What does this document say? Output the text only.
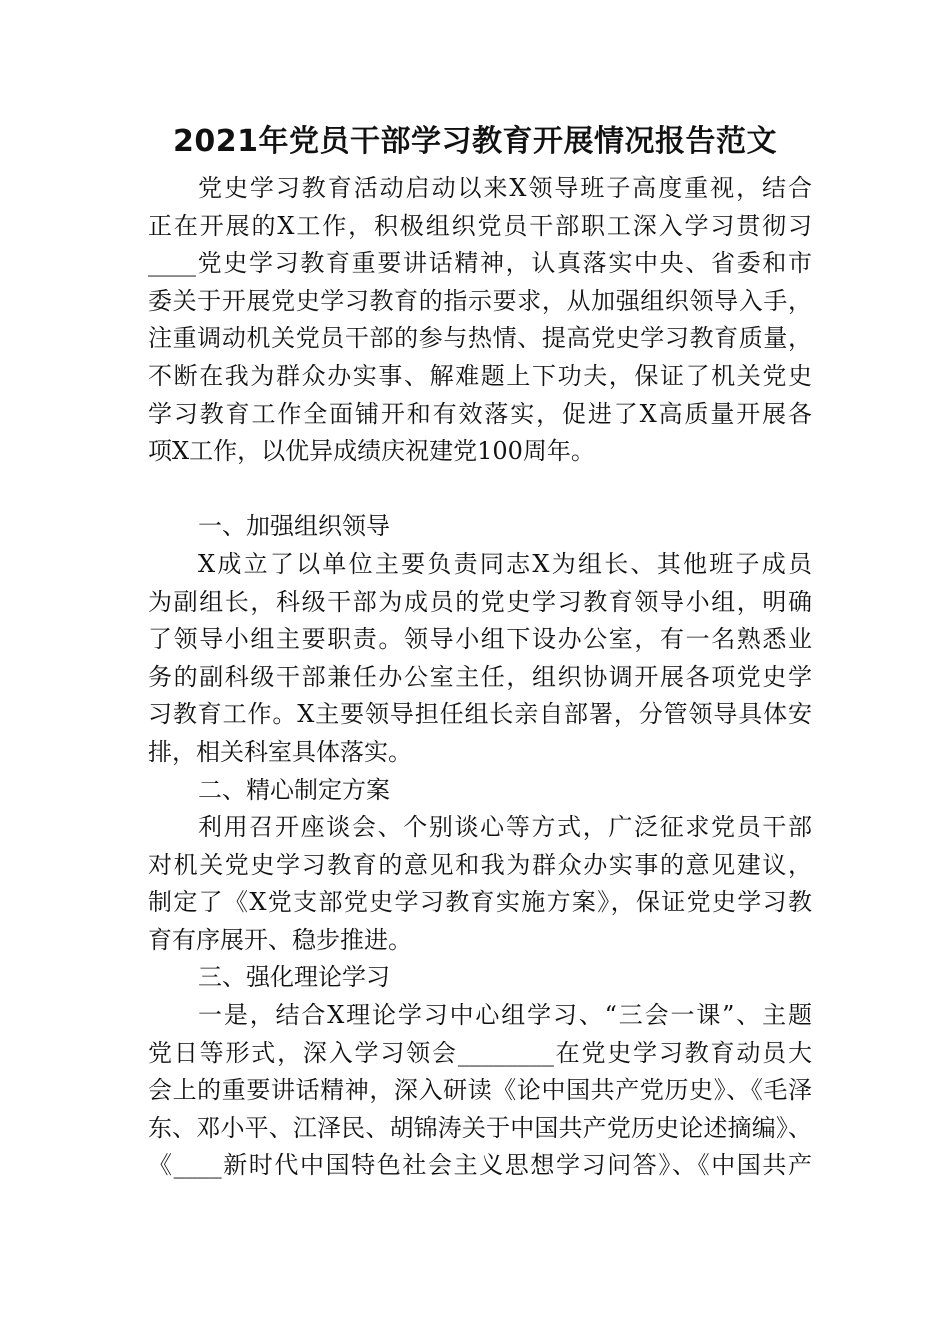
2021年党员干部学习教育开展情况报告范文
党史学习教育活动启动以来X领导班子高度重视，结合
正在开展的X工作，积极组织党员干部职工深入学习贯彻习
____党史学习教育重要讲话精神，认真落实中央、省委和市
委关于开展党史学习教育的指示要求，从加强组织领导入手，
注重调动机关党员干部的参与热情、提高党史学习教育质量，
不断在我为群众办实事、解难题上下功夫，保证了机关党史
学习教育工作全面铺开和有效落实，促进了X高质量开展各
项X工作，以优异成绩庆祝建党100周年。
一、加强组织领导
X成立了以单位主要负责同志X为组长、其他班子成员
为副组长，科级干部为成员的党史学习教育领导小组，明确
了领导小组主要职责。领导小组下设办公室，有一名熟悉业
务的副科级干部兼任办公室主任，组织协调开展各项党史学
习教育工作。X主要领导担任组长亲自部署，分管领导具体安
排，相关科室具体落实。
二、精心制定方案
利用召开座谈会、个别谈心等方式，广泛征求党员干部
对机关党史学习教育的意见和我为群众办实事的意见建议，
制定了《X党支部党史学习教育实施方案》，保证党史学习教
育有序展开、稳步推进。
三、强化理论学习
一是，结合X理论学习中心组学习、“三会一课”、主题
党日等形式，深入学习领会________在党史学习教育动员大
会上的重要讲话精神，深入研读《论中国共产党历史》、《毛泽
东、邓小平、江泽民、胡锦涛关于中国共产党历史论述摘编》、
《____新时代中国特色社会主义思想学习问答》、《中国共产
